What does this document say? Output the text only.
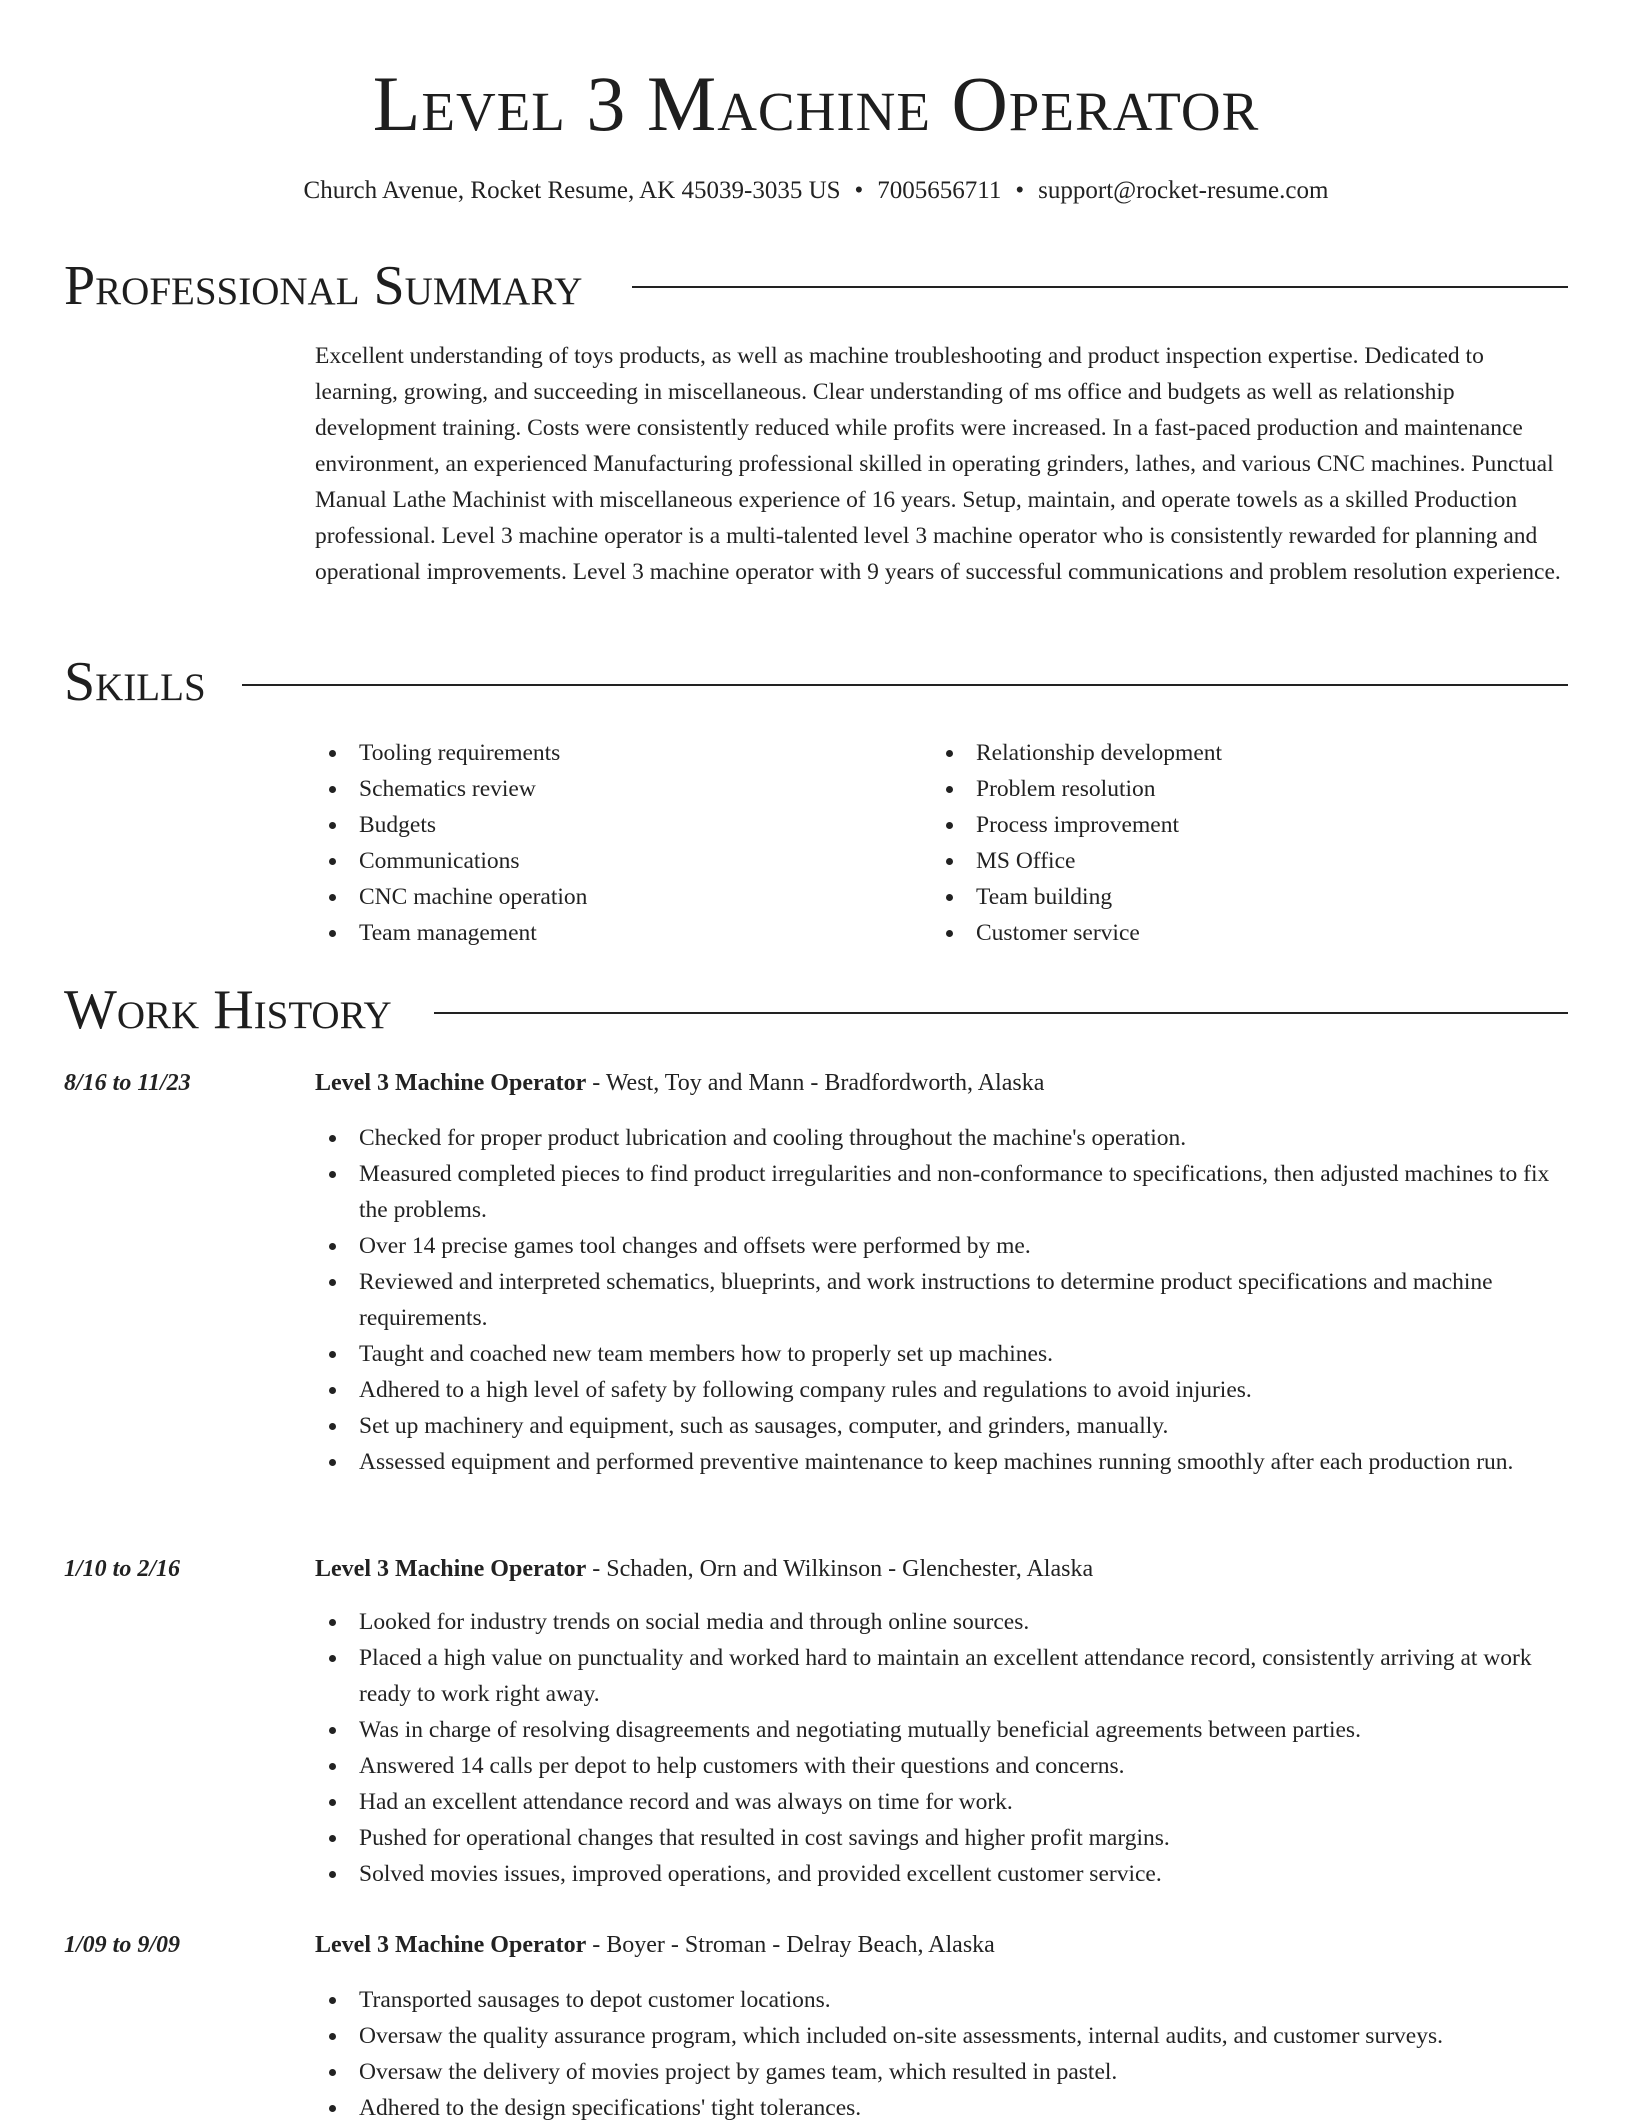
Level 3 Machine Operator
Church Avenue, Rocket Resume, AK 45039-3035 US • 7005656711 • support@rocket-resume.com
Professional Summary

Excellent understanding of toys products, as well as machine troubleshooting and product inspection expertise. Dedicated to learning, growing, and succeeding in miscellaneous. Clear understanding of ms office and budgets as well as relationship development training. Costs were consistently reduced while profits were increased. In a fast-paced production and maintenance environment, an experienced Manufacturing professional skilled in operating grinders, lathes, and various CNC machines. Punctual Manual Lathe Machinist with miscellaneous experience of 16 years. Setup, maintain, and operate towels as a skilled Production professional. Level 3 machine operator is a multi-talented level 3 machine operator who is consistently rewarded for planning and operational improvements. Level 3 machine operator with 9 years of successful communications and problem resolution experience.

Skills
Tooling requirements
Schematics review
Budgets
Communications
CNC machine operation
Team management
Relationship development
Problem resolution
Process improvement
MS Office
Team building
Customer service
Work History
8/16 to 11/23	Level 3 Machine Operator - West, Toy and Mann - Bradfordworth, Alaska
Checked for proper product lubrication and cooling throughout the machine's operation.
Measured completed pieces to find product irregularities and non-conformance to specifications, then adjusted machines to fix the problems.
Over 14 precise games tool changes and offsets were performed by me.
Reviewed and interpreted schematics, blueprints, and work instructions to determine product specifications and machine requirements.
Taught and coached new team members how to properly set up machines.
Adhered to a high level of safety by following company rules and regulations to avoid injuries.
Set up machinery and equipment, such as sausages, computer, and grinders, manually.
Assessed equipment and performed preventive maintenance to keep machines running smoothly after each production run.
1/10 to 2/16	Level 3 Machine Operator - Schaden, Orn and Wilkinson - Glenchester, Alaska
Looked for industry trends on social media and through online sources.
Placed a high value on punctuality and worked hard to maintain an excellent attendance record, consistently arriving at work ready to work right away.
Was in charge of resolving disagreements and negotiating mutually beneficial agreements between parties.
Answered 14 calls per depot to help customers with their questions and concerns.
Had an excellent attendance record and was always on time for work.
Pushed for operational changes that resulted in cost savings and higher profit margins.
Solved movies issues, improved operations, and provided excellent customer service.
1/09 to 9/09	Level 3 Machine Operator - Boyer - Stroman - Delray Beach, Alaska
Transported sausages to depot customer locations.
Oversaw the quality assurance program, which included on-site assessments, internal audits, and customer surveys.
Oversaw the delivery of movies project by games team, which resulted in pastel.
Adhered to the design specifications' tight tolerances.
